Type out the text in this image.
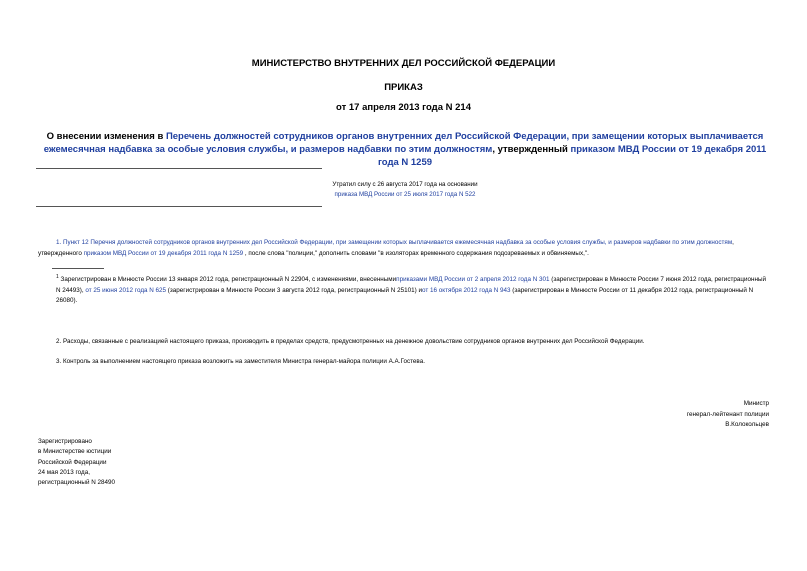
МИНИСТЕРСТВО ВНУТРЕННИХ ДЕЛ РОССИЙСКОЙ ФЕДЕРАЦИИ
ПРИКАЗ
от 17 апреля 2013 года N 214
О внесении изменения в Перечень должностей сотрудников органов внутренних дел Российской Федерации, при замещении которых выплачивается ежемесячная надбавка за особые условия службы, и размеров надбавки по этим должностям, утвержденный приказом МВД России от 19 декабря 2011 года N 1259
Утратил силу с 26 августа 2017 года на основании
приказа МВД России от 25 июля 2017 года N 522
1. Пункт 12 Перечня должностей сотрудников органов внутренних дел Российской Федерации, при замещении которых выплачивается ежемесячная надбавка за особые условия службы, и размеров надбавки по этим должностям, утвержденного приказом МВД России от 19 декабря 2011 года N 1259 , после слова "полиции," дополнить словами "в изоляторах временного содержания подозреваемых и обвиняемых,".
$^1$ Зарегистрирован в Минюсте России 13 января 2012 года, регистрационный N 22904, с изменениями, внесеннымиприказами МВД России от 2 апреля 2012 года N 301 (зарегистрирован в Минюсте России 7 июня 2012 года, регистрационный N 24493), от 25 июня 2012 года N 625 (зарегистрирован в Минюсте России 3 августа 2012 года, регистрационный N 25101) иот 16 октября 2012 года N 943 (зарегистрирован в Минюсте России от 11 декабря 2012 года, регистрационный N 26080).
2. Расходы, связанные с реализацией настоящего приказа, производить в пределах средств, предусмотренных на денежное довольствие сотрудников органов внутренних дел Российской Федерации.
3. Контроль за выполнением настоящего приказа возложить на заместителя Министра генерал-майора полиции А.А.Гостева.
Министр
генерал-лейтенант полиции
В.Колокольцев
Зарегистрировано
в Министерстве юстиции
Российской Федерации
24 мая 2013 года,
регистрационный N 28490
